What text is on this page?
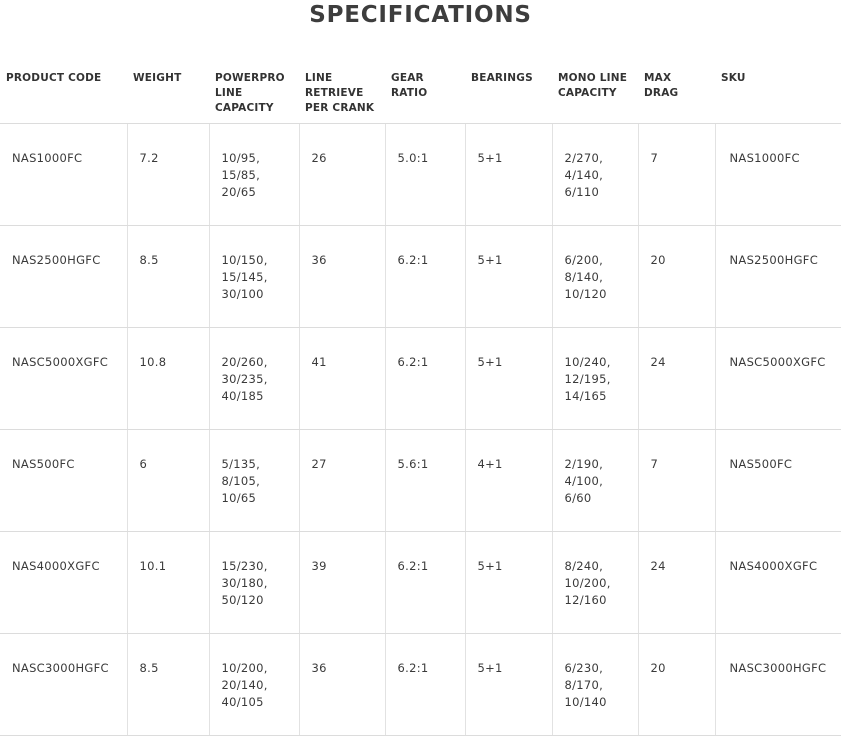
SPECIFICATIONS
PRODUCT CODE	WEIGHT	POWERPRO LINE CAPACITY	LINE RETRIEVE PER CRANK	GEAR RATIO	BEARINGS	MONO LINE CAPACITY	MAX DRAG	SKU
NAS1000FC	7.2	10/95,
15/85,
20/65	26	5.0:1	5+1	2/270,
4/140,
6/110	7	NAS1000FC
NAS2500HGFC	8.5	10/150,
15/145,
30/100	36	6.2:1	5+1	6/200,
8/140,
10/120	20	NAS2500HGFC
NASC5000XGFC	10.8	20/260,
30/235,
40/185	41	6.2:1	5+1	10/240,
12/195,
14/165	24	NASC5000XGFC
NAS500FC	6	5/135,
8/105,
10/65	27	5.6:1	4+1	2/190,
4/100,
6/60	7	NAS500FC
NAS4000XGFC	10.1	15/230,
30/180,
50/120	39	6.2:1	5+1	8/240,
10/200,
12/160	24	NAS4000XGFC
NASC3000HGFC	8.5	10/200,
20/140,
40/105	36	6.2:1	5+1	6/230,
8/170,
10/140	20	NASC3000HGFC
